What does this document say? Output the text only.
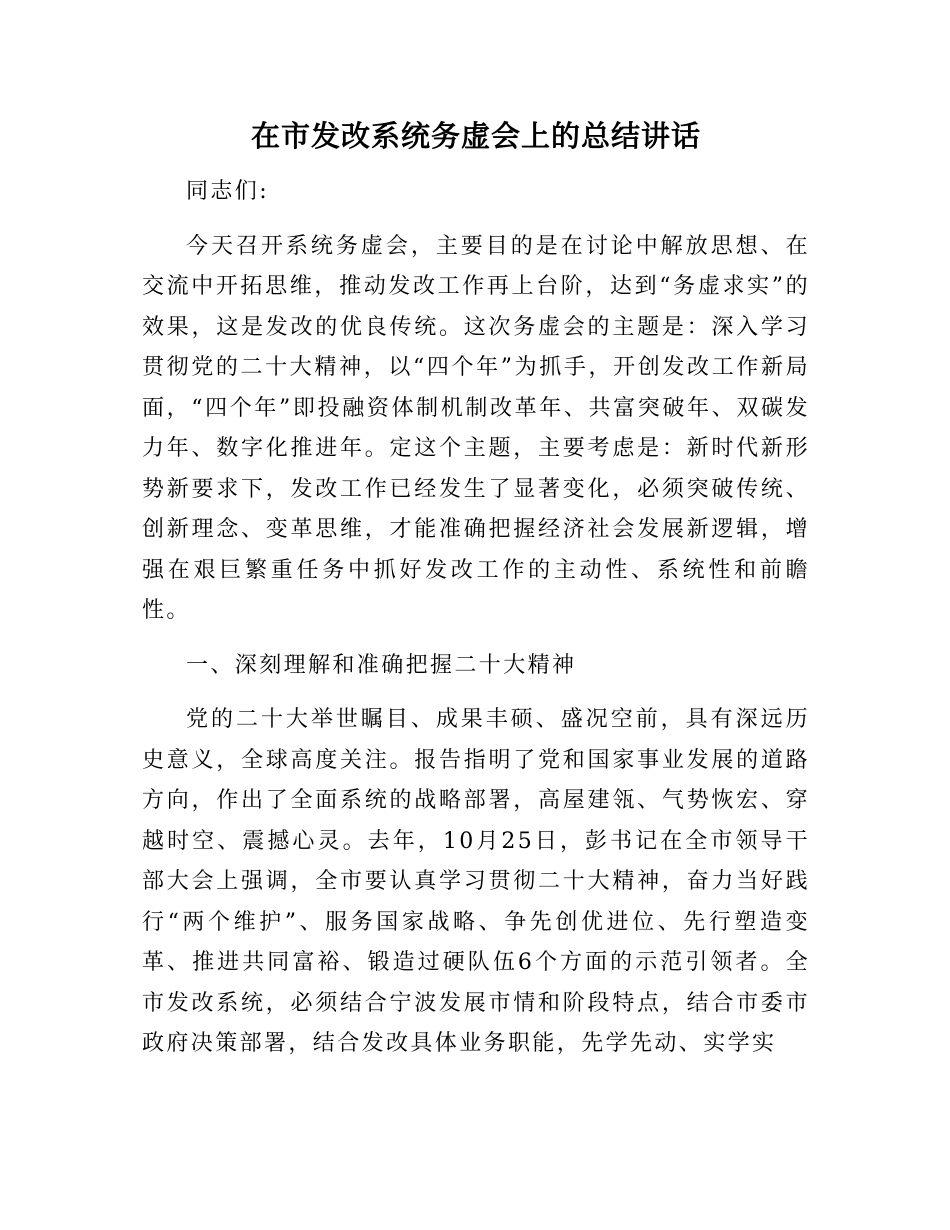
在市发改系统务虚会上的总结讲话

同志们:

今天召开系统务虚会，主要目的是在讨论中解放思想、在交流中开拓思维，推动发改工作再上台阶，达到“务虚求实”的效果，这是发改的优良传统。这次务虚会的主题是：深入学习贯彻党的二十大精神，以“四个年”为抓手，开创发改工作新局面，“四个年”即投融资体制机制改革年、共富突破年、双碳发力年、数字化推进年。定这个主题，主要考虑是：新时代新形势新要求下，发改工作已经发生了显著变化，必须突破传统、创新理念、变革思维，才能准确把握经济社会发展新逻辑，增强在艰巨繁重任务中抓好发改工作的主动性、系统性和前瞻性。

一、深刻理解和准确把握二十大精神

党的二十大举世瞩目、成果丰硕、盛况空前，具有深远历史意义，全球高度关注。报告指明了党和国家事业发展的道路方向，作出了全面系统的战略部署，高屋建瓴、气势恢宏、穿越时空、震撼心灵。去年，10月25日，彭书记在全市领导干部大会上强调，全市要认真学习贯彻二十大精神，奋力当好践行“两个维护”、服务国家战略、争先创优进位、先行塑造变革、推进共同富裕、锻造过硬队伍6个方面的示范引领者。全市发改系统，必须结合宁波发展市情和阶段特点，结合市委市政府决策部署，结合发改具体业务职能，先学先动、实学实
